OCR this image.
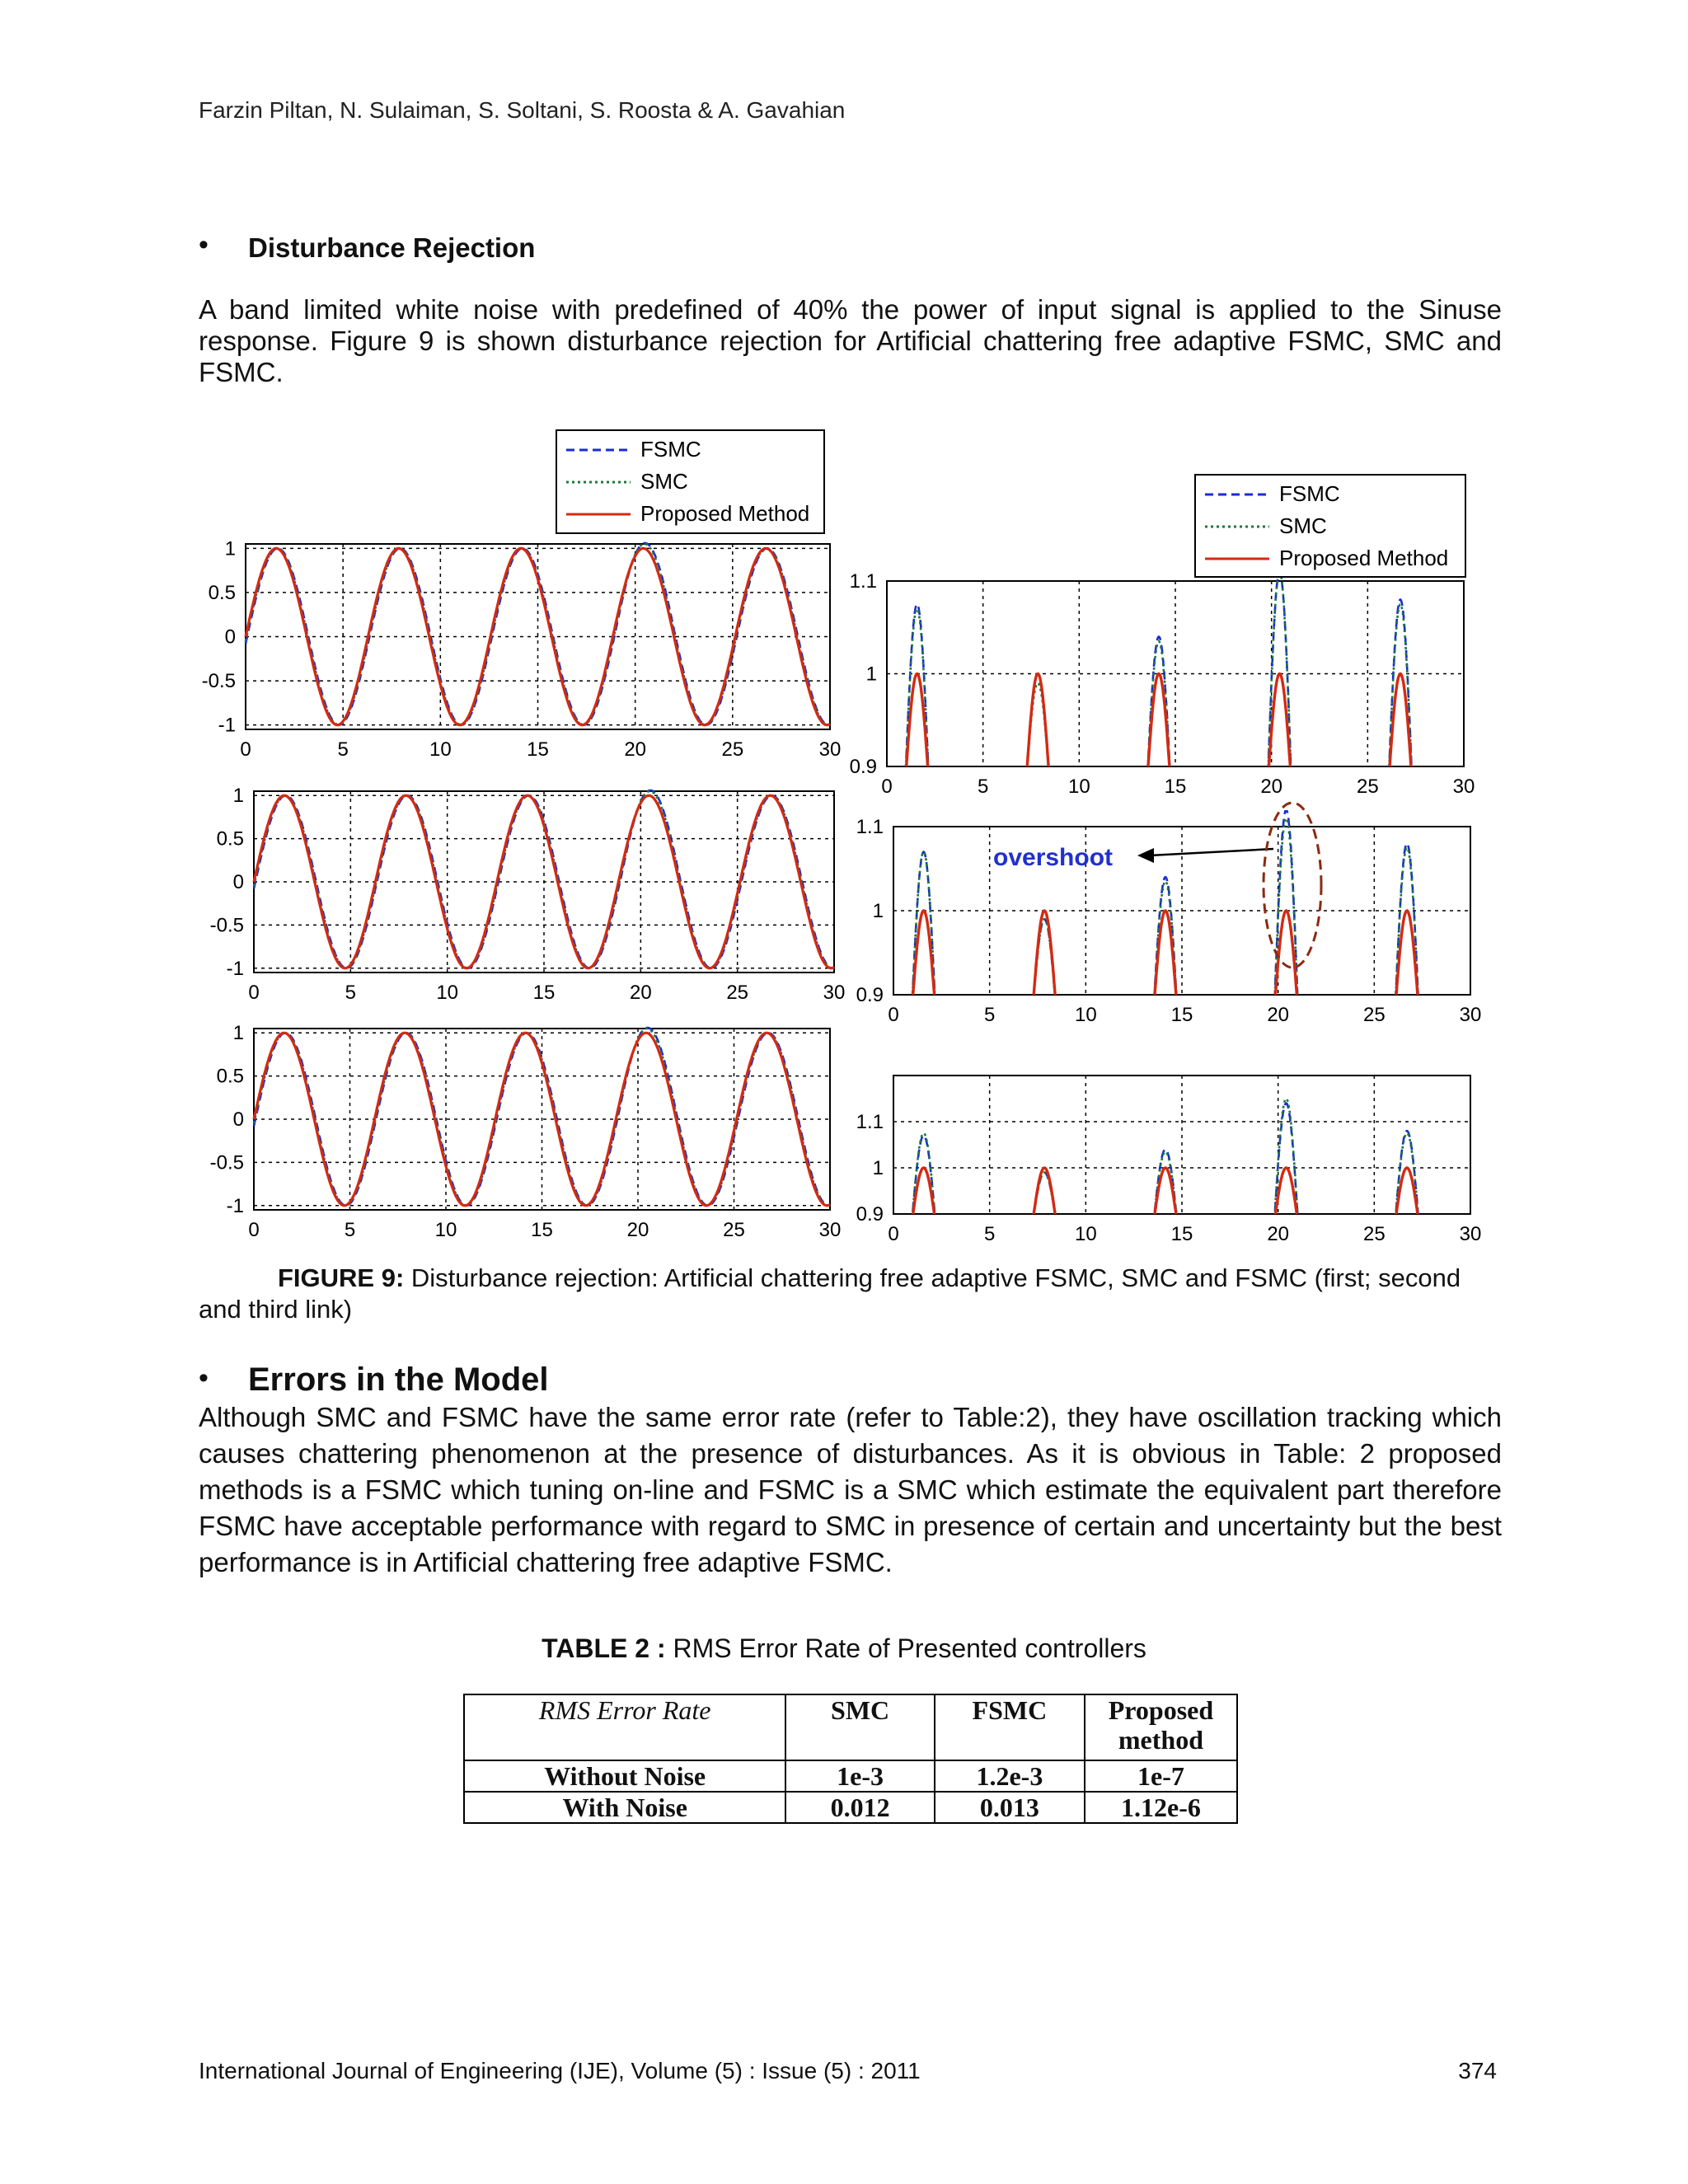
Farzin Piltan, N. Sulaiman, S. Soltani, S. Roosta & A. Gavahian
• Disturbance Rejection
A band limited white noise with predefined of 40% the power of input signal is applied to the Sinuse response. Figure 9 is shown disturbance rejection for Artificial chattering free adaptive FSMC, SMC and FSMC.
0	5	10	15	20	25	30
1
0.5
0
-0.5
-1
0	5	10	15	20	25	30
1
0.5
0
-0.5
-1
0	5	10	15	20	25	30
1
0.5
0
-0.5
-1
0	5	10	15	20	25	30
1.1
1
0.9
0	5	10	15	20	25	30
1.1
1
0.9
0	5	10	15	20	25	30
1.1
1
0.9
FSMC
SMC
Proposed Method
FSMC
SMC
Proposed Method
overshoot
FIGURE 9: Disturbance rejection: Artificial chattering free adaptive FSMC, SMC and FSMC (first; second and third link)
• Errors in the Model
Although SMC and FSMC have the same error rate (refer to Table:2), they have oscillation tracking which causes chattering phenomenon at the presence of disturbances. As it is obvious in Table: 2 proposed methods is a FSMC which tuning on-line and FSMC is a SMC which estimate the equivalent part therefore FSMC have acceptable performance with regard to SMC in presence of certain and uncertainty but the best performance is in Artificial chattering free adaptive FSMC.
TABLE 2 : RMS Error Rate of Presented controllers
RMS Error Rate	SMC	FSMC	Proposed method
Without Noise	1e-3	1.2e-3	1e-7
With Noise	0.012	0.013	1.12e-6
International Journal of Engineering (IJE), Volume (5) : Issue (5) : 2011	374
